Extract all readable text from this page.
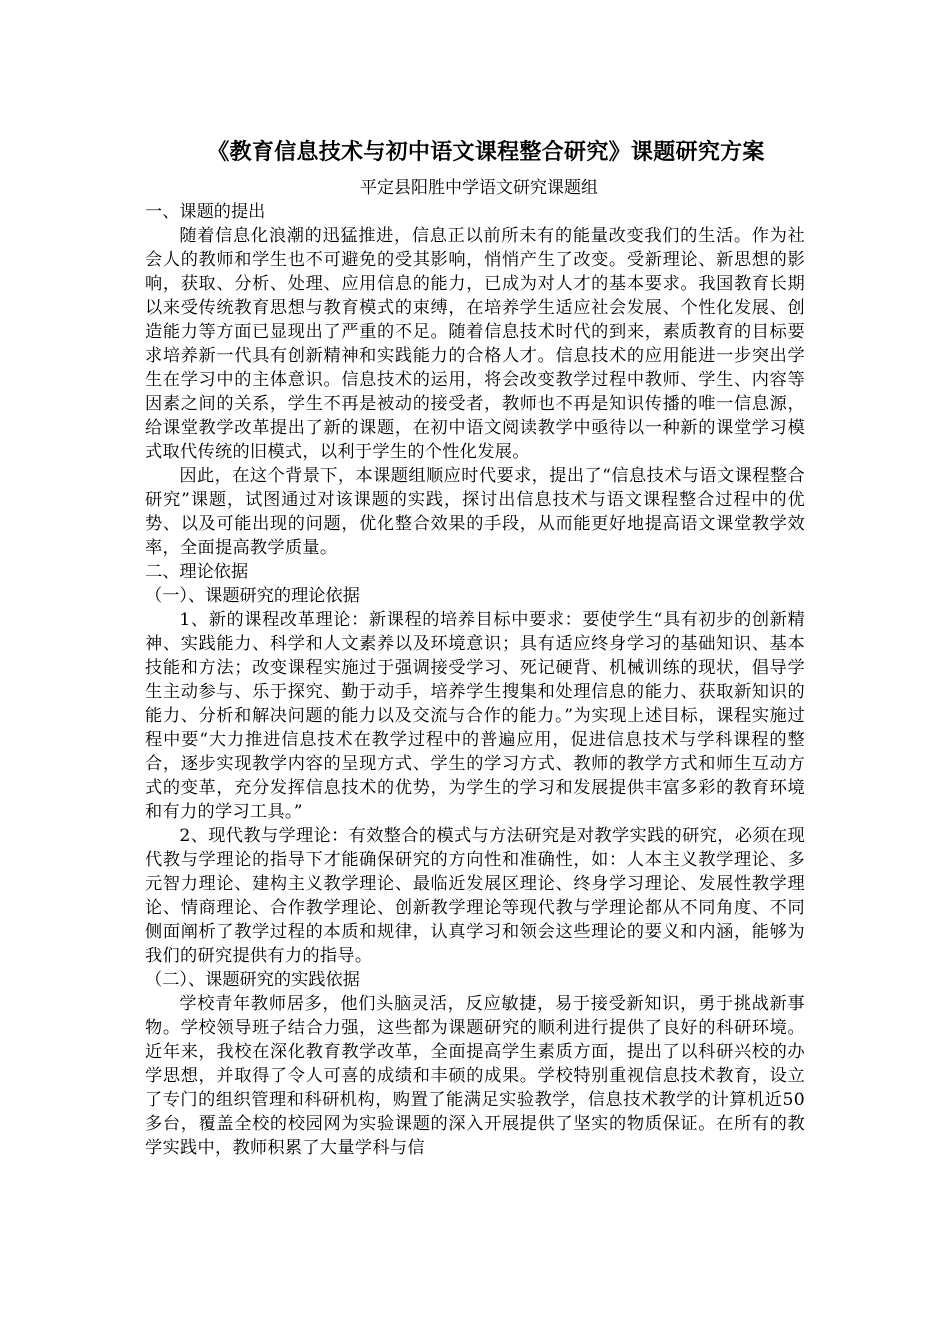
《教育信息技术与初中语文课程整合研究》课题研究方案
平定县阳胜中学语文研究课题组

一、课题的提出

随着信息化浪潮的迅猛推进，信息正以前所未有的能量改变我们的生活。作为社会人的教师和学生也不可避免的受其影响，悄悄产生了改变。受新理论、新思想的影响，获取、分析、处理、应用信息的能力，已成为对人才的基本要求。我国教育长期以来受传统教育思想与教育模式的束缚，在培养学生适应社会发展、个性化发展、创造能力等方面已显现出了严重的不足。随着信息技术时代的到来，素质教育的目标要求培养新一代具有创新精神和实践能力的合格人才。信息技术的应用能进一步突出学生在学习中的主体意识。信息技术的运用，将会改变教学过程中教师、学生、内容等因素之间的关系，学生不再是被动的接受者，教师也不再是知识传播的唯一信息源，给课堂教学改革提出了新的课题，在初中语文阅读教学中亟待以一种新的课堂学习模式取代传统的旧模式，以利于学生的个性化发展。

因此，在这个背景下，本课题组顺应时代要求，提出了“信息技术与语文课程整合研究”课题，试图通过对该课题的实践，探讨出信息技术与语文课程整合过程中的优势、以及可能出现的问题，优化整合效果的手段，从而能更好地提高语文课堂教学效率，全面提高教学质量。

二、理论依据

（一）、课题研究的理论依据

1、新的课程改革理论：新课程的培养目标中要求：要使学生“具有初步的创新精神、实践能力、科学和人文素养以及环境意识；具有适应终身学习的基础知识、基本技能和方法；改变课程实施过于强调接受学习、死记硬背、机械训练的现状，倡导学生主动参与、乐于探究、勤于动手，培养学生搜集和处理信息的能力、获取新知识的能力、分析和解决问题的能力以及交流与合作的能力。”为实现上述目标，课程实施过程中要“大力推进信息技术在教学过程中的普遍应用，促进信息技术与学科课程的整合，逐步实现教学内容的呈现方式、学生的学习方式、教师的教学方式和师生互动方式的变革，充分发挥信息技术的优势，为学生的学习和发展提供丰富多彩的教育环境和有力的学习工具。”

2、现代教与学理论：有效整合的模式与方法研究是对教学实践的研究，必须在现代教与学理论的指导下才能确保研究的方向性和准确性，如：人本主义教学理论、多元智力理论、建构主义教学理论、最临近发展区理论、终身学习理论、发展性教学理论、情商理论、合作教学理论、创新教学理论等现代教与学理论都从不同角度、不同侧面阐析了教学过程的本质和规律，认真学习和领会这些理论的要义和内涵，能够为我们的研究提供有力的指导。

（二）、课题研究的实践依据

学校青年教师居多，他们头脑灵活，反应敏捷，易于接受新知识，勇于挑战新事物。学校领导班子结合力强，这些都为课题研究的顺利进行提供了良好的科研环境。近年来，我校在深化教育教学改革，全面提高学生素质方面，提出了以科研兴校的办学思想，并取得了令人可喜的成绩和丰硕的成果。学校特别重视信息技术教育，设立了专门的组织管理和科研机构，购置了能满足实验教学，信息技术教学的计算机近50多台，覆盖全校的校园网为实验课题的深入开展提供了坚实的物质保证。在所有的教学实践中，教师积累了大量学科与信
